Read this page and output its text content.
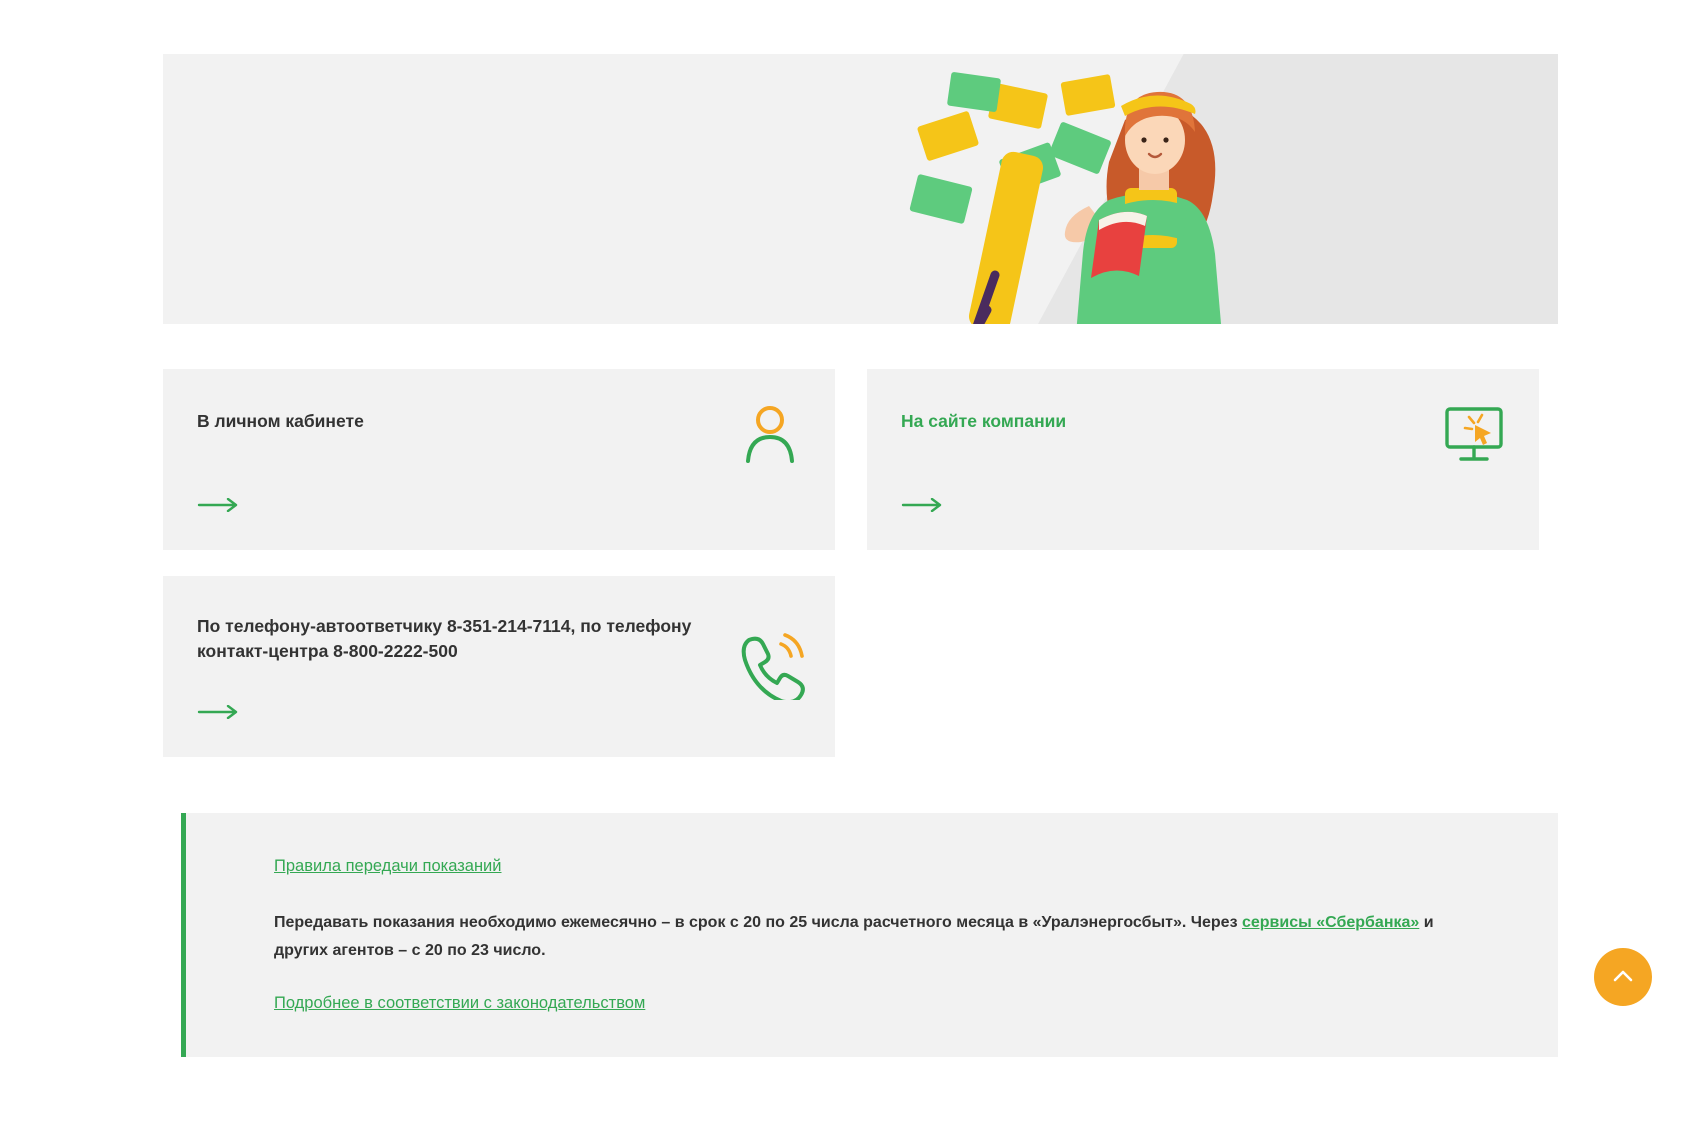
В личном кабинете	На сайте компании
По телефону-автоответчику 8-351-214-7114, по телефону контакт-центра 8-800-2222-500
Правила передачи показаний
Передавать показания необходимо ежемесячно – в срок с 20 по 25 числа расчетного месяца в «Уралэнергосбыт». Через сервисы «Сбербанка» и других агентов – с 20 по 23 число.
Подробнее в соответствии с законодательством
